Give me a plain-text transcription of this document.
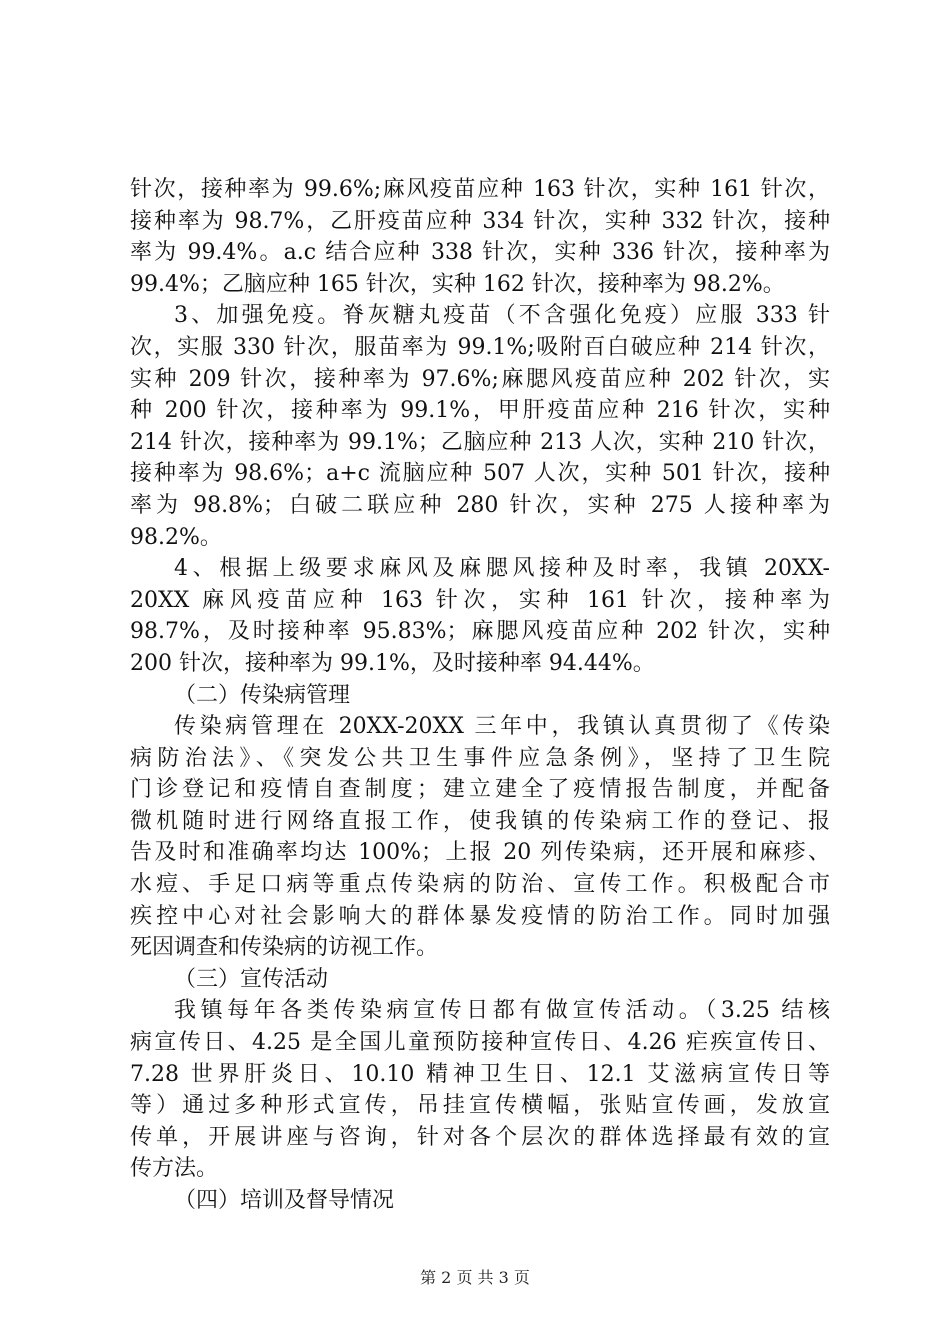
针次，接种率为 99.6%;麻风疫苗应种 163 针次，实种 161 针次，
接种率为 98.7%，乙肝疫苗应种 334 针次，实种 332 针次，接种
率为 99.4%。a.c 结合应种 338 针次，实种 336 针次，接种率为
99.4%；乙脑应种 165 针次，实种 162 针次，接种率为 98.2%。
3、加强免疫。脊灰糖丸疫苗（不含强化免疫）应服 333 针
次，实服 330 针次，服苗率为 99.1%;吸附百白破应种 214 针次，
实种 209 针次，接种率为 97.6%;麻腮风疫苗应种 202 针次，实
种 200 针次，接种率为 99.1%，甲肝疫苗应种 216 针次，实种
214 针次，接种率为 99.1%；乙脑应种 213 人次，实种 210 针次，
接种率为 98.6%；a+c 流脑应种 507 人次，实种 501 针次，接种
率为 98.8%；白破二联应种 280 针次，实种 275 人接种率为
98.2%。
4、根据上级要求麻风及麻腮风接种及时率，我镇 20XX-
20XX 麻风疫苗应种 163 针次，实种 161 针次，接种率为
98.7%，及时接种率 95.83%；麻腮风疫苗应种 202 针次，实种
200 针次，接种率为 99.1%，及时接种率 94.44%。
（二）传染病管理
传染病管理在 20XX-20XX 三年中，我镇认真贯彻了《传染
病防治法》、《突发公共卫生事件应急条例》，坚持了卫生院
门诊登记和疫情自查制度；建立建全了疫情报告制度，并配备
微机随时进行网络直报工作，使我镇的传染病工作的登记、报
告及时和准确率均达 100%；上报 20 列传染病，还开展和麻疹、
水痘、手足口病等重点传染病的防治、宣传工作。积极配合市
疾控中心对社会影响大的群体暴发疫情的防治工作。同时加强
死因调查和传染病的访视工作。
（三）宣传活动
我镇每年各类传染病宣传日都有做宣传活动。（3.25 结核
病宣传日、4.25 是全国儿童预防接种宣传日、4.26 疟疾宣传日、
7.28 世界肝炎日、10.10 精神卫生日、12.1 艾滋病宣传日等
等）通过多种形式宣传，吊挂宣传横幅，张贴宣传画，发放宣
传单，开展讲座与咨询，针对各个层次的群体选择最有效的宣
传方法。
（四）培训及督导情况
第 2 页 共 3 页
